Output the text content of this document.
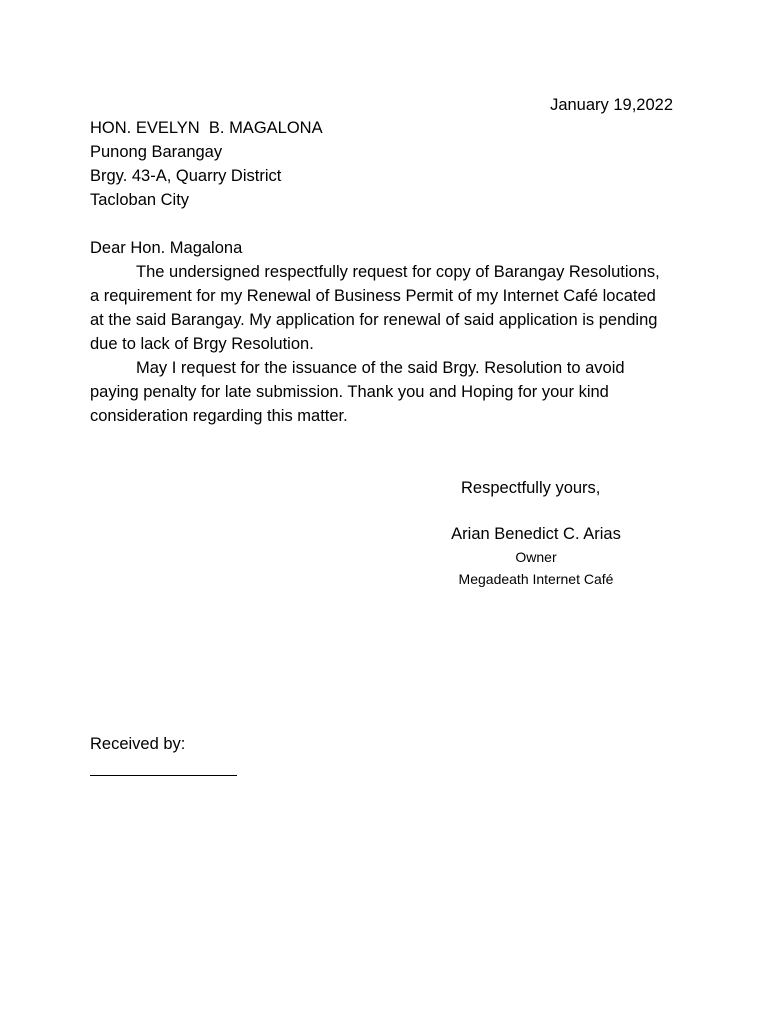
January 19,2022
HON. EVELYN  B. MAGALONA
Punong Barangay
Brgy. 43-A, Quarry District
Tacloban City
Dear Hon. Magalona

The undersigned respectfully request for copy of Barangay Resolutions, a requirement for my Renewal of Business Permit of my Internet Café located at the said Barangay. My application for renewal of said application is pending due to lack of Brgy Resolution.

May I request for the issuance of the said Brgy. Resolution to avoid paying penalty for late submission. Thank you and Hoping for your kind consideration regarding this matter.

Respectfully yours,
Arian Benedict C. Arias
Owner
Megadeath Internet Café
Received by:
